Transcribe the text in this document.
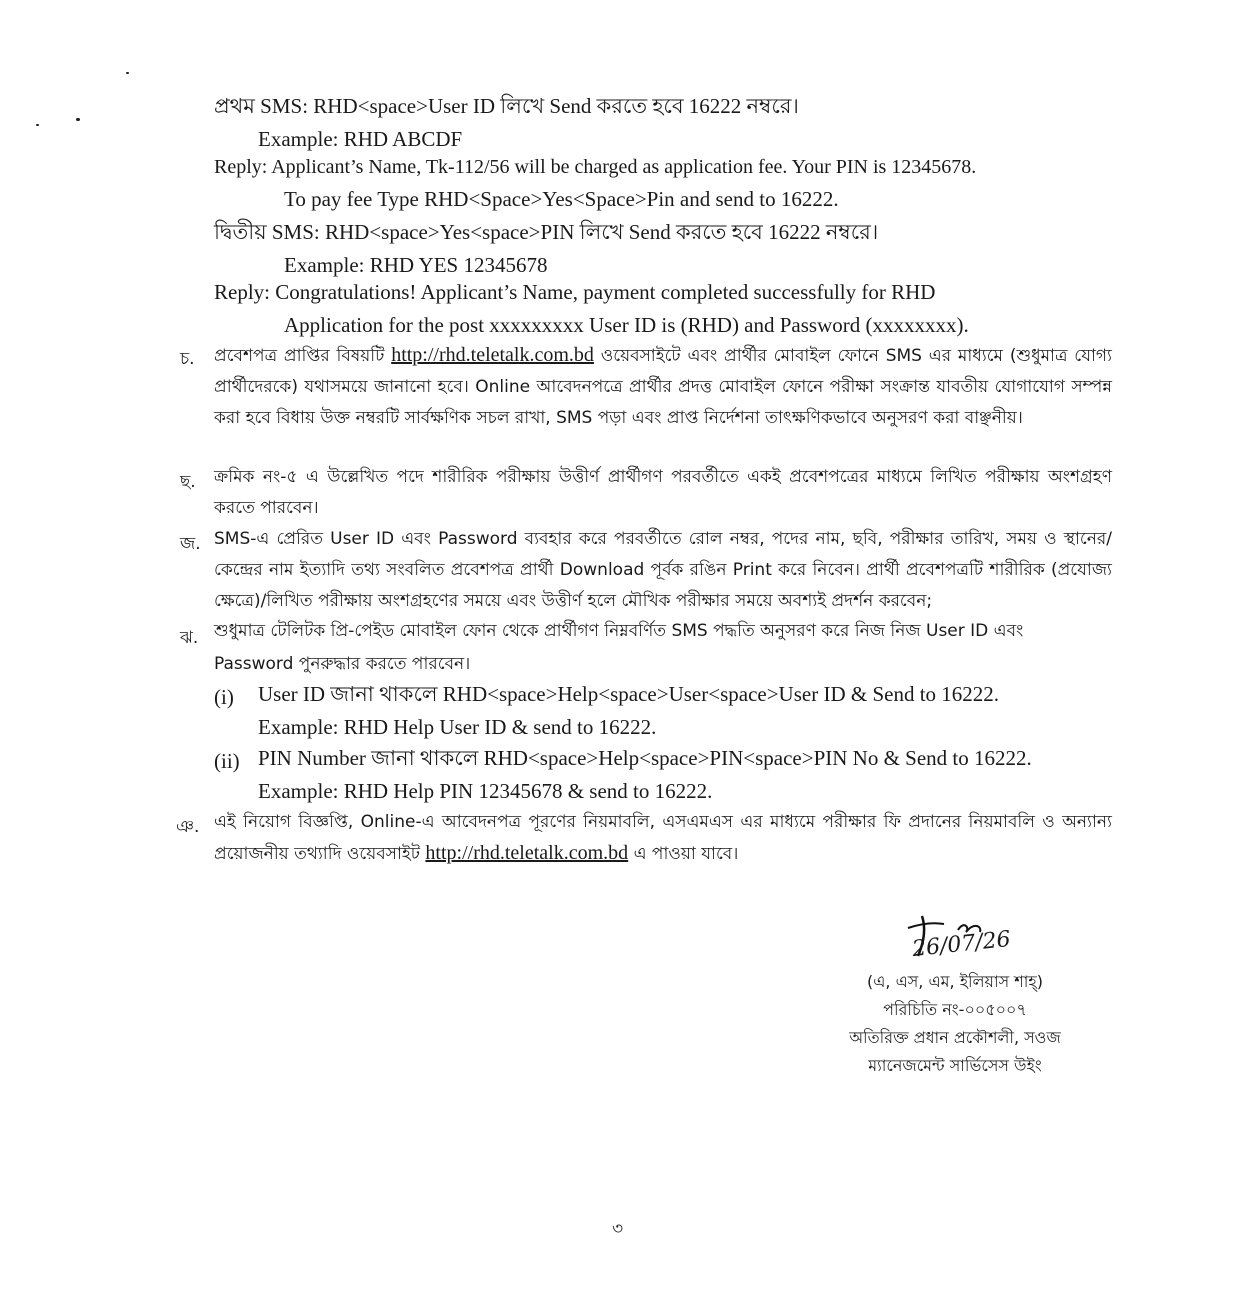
প্রথম SMS: RHD<space>User ID লিখে Send করতে হবে 16222 নম্বরে।
Example: RHD ABCDF
Reply: Applicant’s Name, Tk-112/56 will be charged as application fee. Your PIN is 12345678.
To pay fee Type RHD<Space>Yes<Space>Pin and send to 16222.
দ্বিতীয় SMS: RHD<space>Yes<space>PIN লিখে Send করতে হবে 16222 নম্বরে।
Example: RHD YES 12345678
Reply: Congratulations! Applicant’s Name, payment completed successfully for RHD
Application for the post xxxxxxxxx User ID is (RHD) and Password (xxxxxxxx).
চ. প্রবেশপত্র প্রাপ্তির বিষয়টি http://rhd.teletalk.com.bd ওয়েবসাইটে এবং প্রার্থীর মোবাইল ফোনে SMS এর মাধ্যমে (শুধুমাত্র যোগ্য প্রার্থীদেরকে) যথাসময়ে জানানো হবে। Online আবেদনপত্রে প্রার্থীর প্রদত্ত মোবাইল ফোনে পরীক্ষা সংক্রান্ত যাবতীয় যোগাযোগ সম্পন্ন করা হবে বিধায় উক্ত নম্বরটি সার্বক্ষণিক সচল রাখা, SMS পড়া এবং প্রাপ্ত নির্দেশনা তাৎক্ষণিকভাবে অনুসরণ করা বাঞ্ছনীয়।
ছ. ক্রমিক নং-৫ এ উল্লেখিত পদে শারীরিক পরীক্ষায় উত্তীর্ণ প্রার্থীগণ পরবর্তীতে একই প্রবেশপত্রের মাধ্যমে লিখিত পরীক্ষায় অংশগ্রহণ করতে পারবেন।
জ. SMS-এ প্রেরিত User ID এবং Password ব্যবহার করে পরবর্তীতে রোল নম্বর, পদের নাম, ছবি, পরীক্ষার তারিখ, সময় ও স্থানের/কেন্দ্রের নাম ইত্যাদি তথ্য সংবলিত প্রবেশপত্র প্রার্থী Download পূর্বক রঙিন Print করে নিবেন। প্রার্থী প্রবেশপত্রটি শারীরিক (প্রযোজ্য ক্ষেত্রে)/লিখিত পরীক্ষায় অংশগ্রহণের সময়ে এবং উত্তীর্ণ হলে মৌখিক পরীক্ষার সময়ে অবশ্যই প্রদর্শন করবেন;
ঝ. শুধুমাত্র টেলিটক প্রি-পেইড মোবাইল ফোন থেকে প্রার্থীগণ নিম্নবর্ণিত SMS পদ্ধতি অনুসরণ করে নিজ নিজ User ID এবং
Password পুনরুদ্ধার করতে পারবেন।
(i) User ID জানা থাকলে RHD<space>Help<space>User<space>User ID & Send to 16222.
Example: RHD Help User ID & send to 16222.
(ii) PIN Number জানা থাকলে RHD<space>Help<space>PIN<space>PIN No & Send to 16222.
Example: RHD Help PIN 12345678 & send to 16222.
ঞ. এই নিয়োগ বিজ্ঞপ্তি, Online-এ আবেদনপত্র পূরণের নিয়মাবলি, এসএমএস এর মাধ্যমে পরীক্ষার ফি প্রদানের নিয়মাবলি ও অন্যান্য প্রয়োজনীয় তথ্যাদি ওয়েবসাইট http://rhd.teletalk.com.bd এ পাওয়া যাবে।
26/07/26
(এ, এস, এম, ইলিয়াস শাহ্)
পরিচিতি নং-০০৫০০৭
অতিরিক্ত প্রধান প্রকৌশলী, সওজ
ম্যানেজমেন্ট সার্ভিসেস উইং
৩
